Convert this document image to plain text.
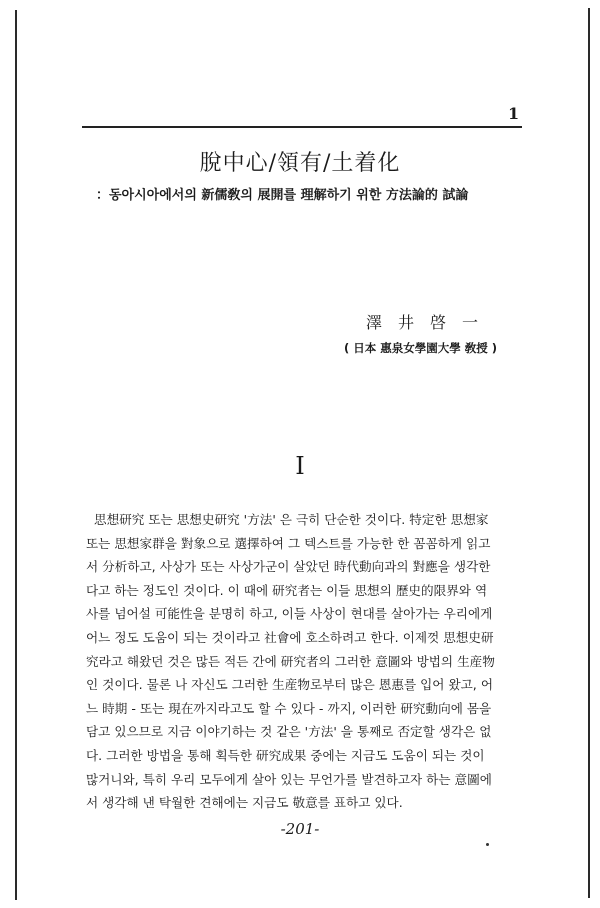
1
脫中心/領有/土着化
：동아시아에서의 新儒敎의 展開를 理解하기 위한 方法論的 試論
澤井啓一
( 日本 惠泉女學園大學 敎授 )
I
思想研究 또는 思想史研究 '方法' 은 극히 단순한 것이다. 特定한 思想家
또는 思想家群을 對象으로 選擇하여 그 텍스트를 가능한 한 꼼꼼하게 읽고
서 分析하고, 사상가 또는 사상가군이 살았던 時代動向과의 對應을 생각한
다고 하는 정도인 것이다. 이 때에 研究者는 이들 思想의 歷史的限界와 역
사를 넘어설 可能性을 분명히 하고, 이들 사상이 현대를 살아가는 우리에게
어느 정도 도움이 되는 것이라고 社會에 호소하려고 한다. 이제껏 思想史研
究라고 해왔던 것은 많든 적든 간에 研究者의 그러한 意圖와 방법의 生産物
인 것이다. 물론 나 자신도 그러한 生産物로부터 많은 恩惠를 입어 왔고, 어
느 時期 - 또는 現在까지라고도 할 수 있다 - 까지, 이러한 研究動向에 몸을
담고 있으므로 지금 이야기하는 것 같은 '方法' 을 통째로 否定할 생각은 없
다. 그러한 방법을 통해 획득한 研究成果 중에는 지금도 도움이 되는 것이
많거니와, 특히 우리 모두에게 살아 있는 무언가를 발견하고자 하는 意圖에
서 생각해 낸 탁월한 견해에는 지금도 敬意를 표하고 있다.
-201-
